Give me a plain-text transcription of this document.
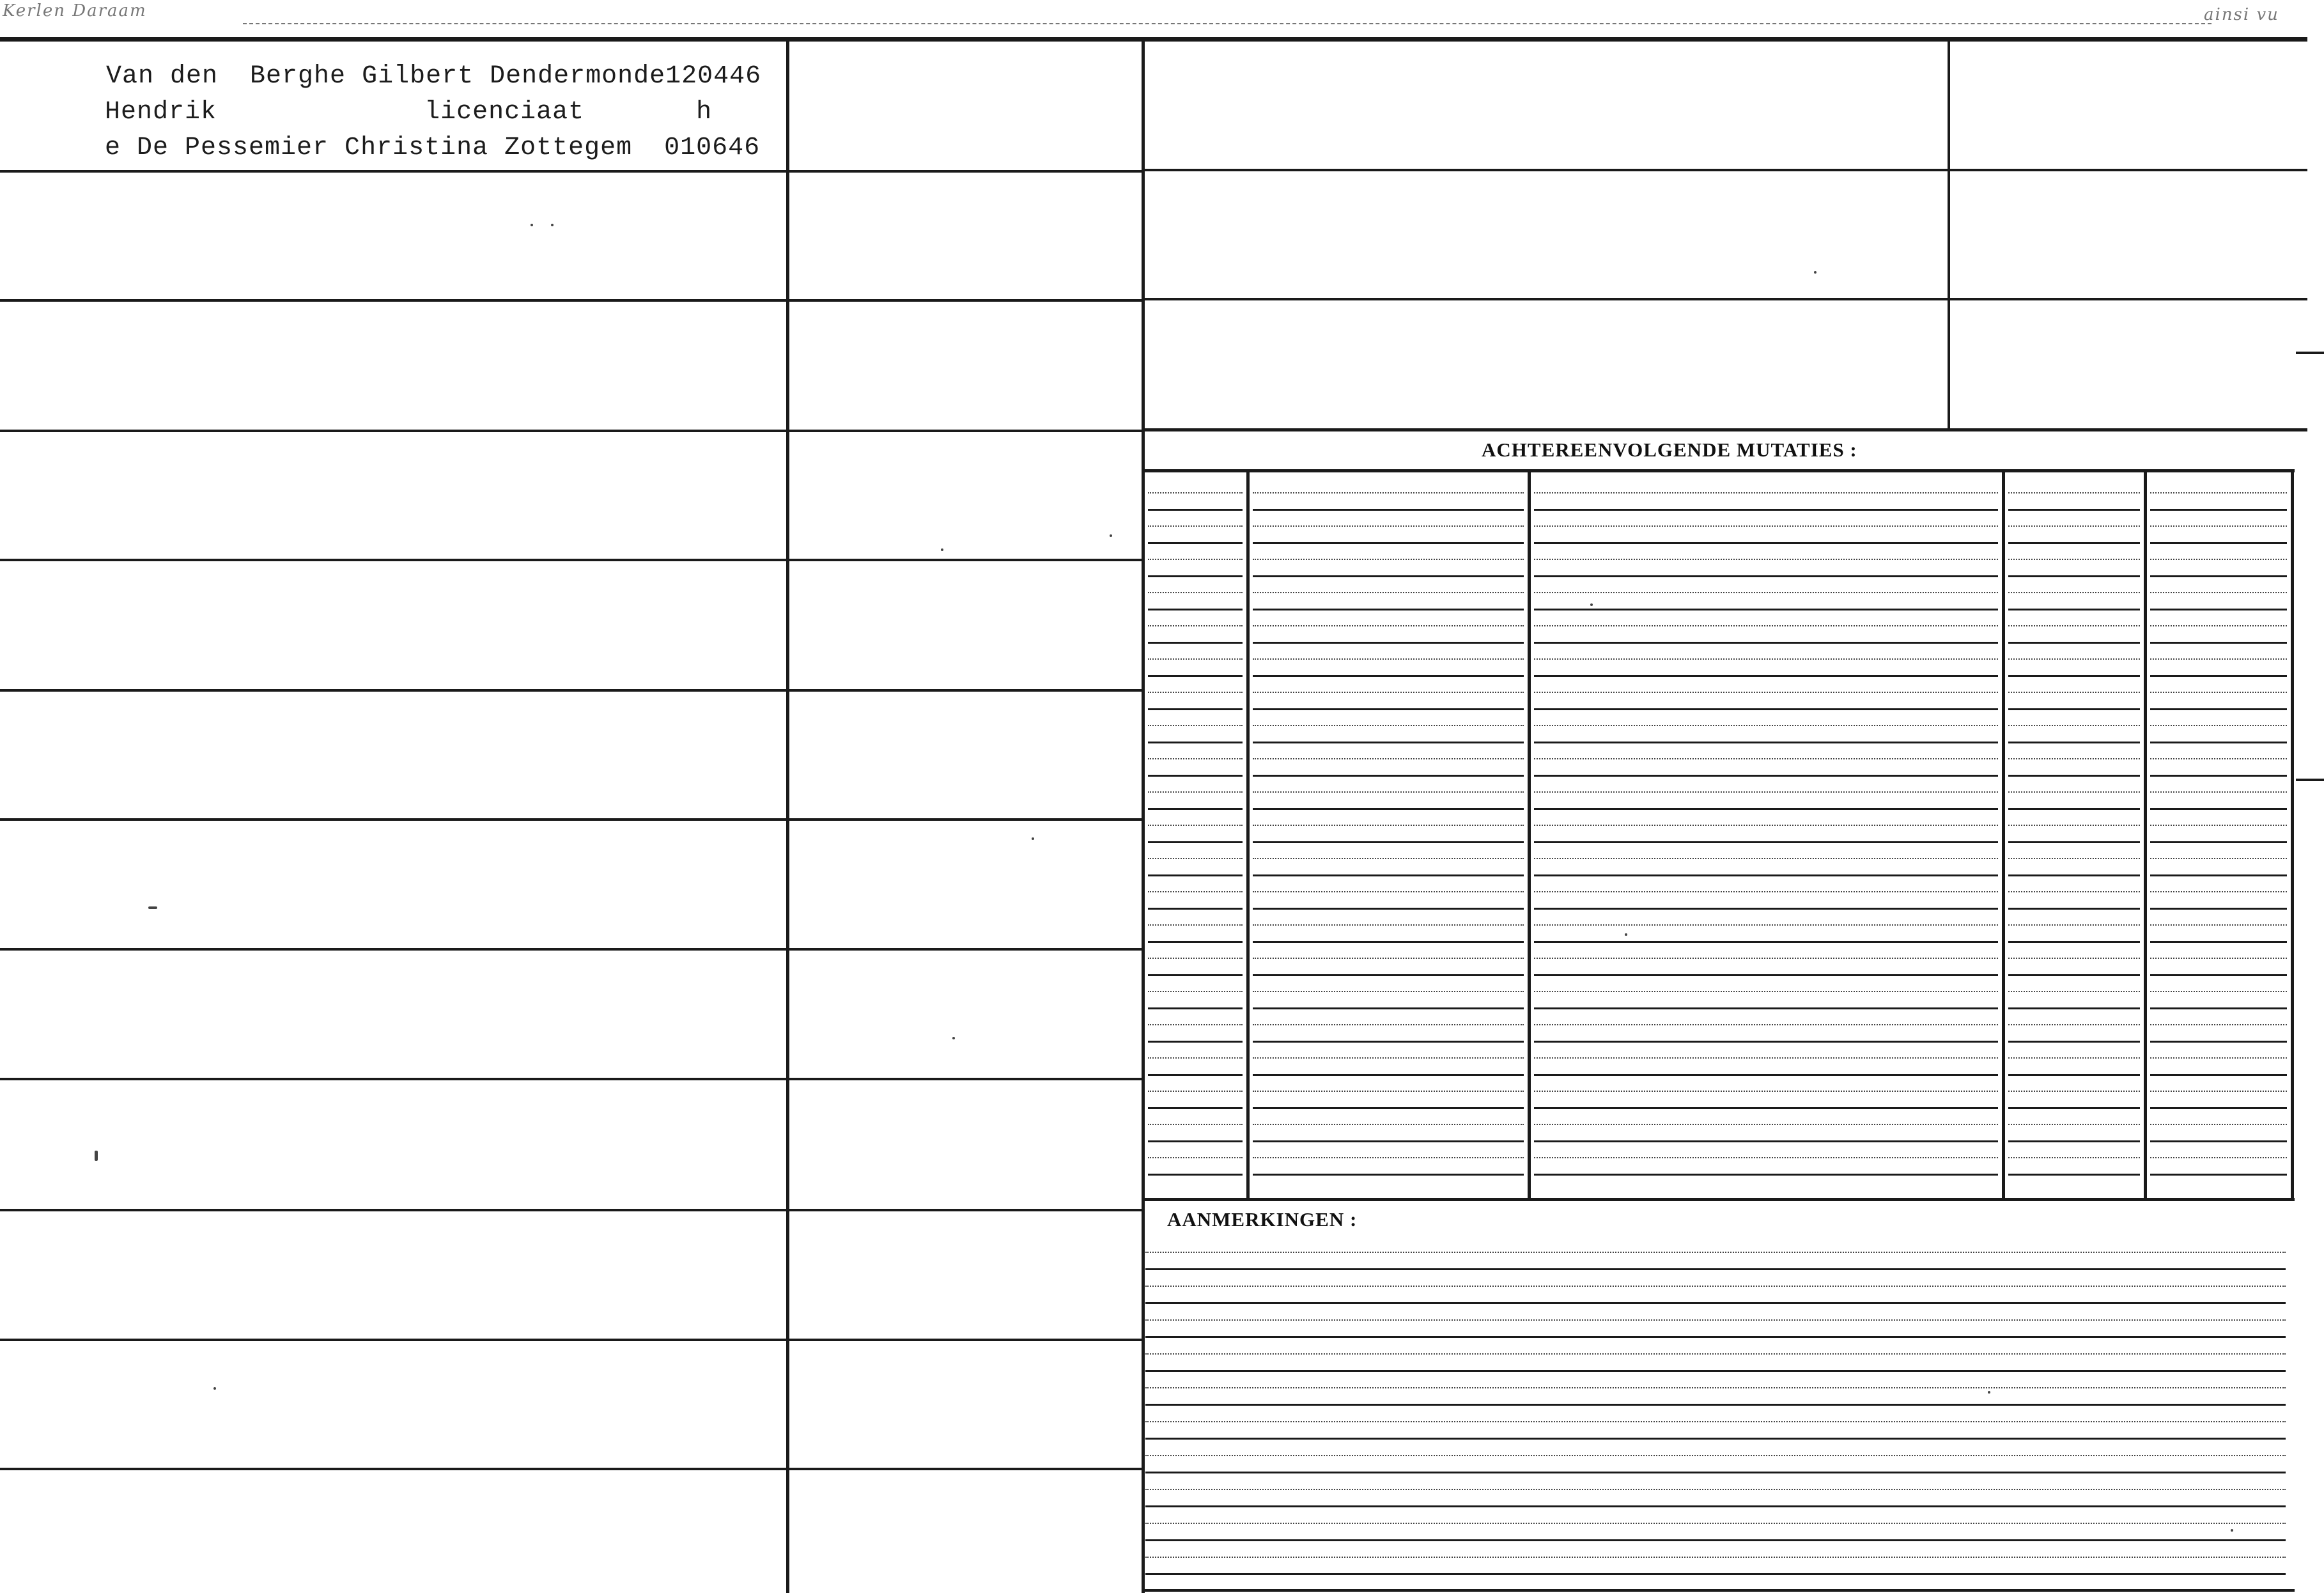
Kerlen Daraam	ainsi vu
Van den  Berghe Gilbert Dendermonde120446
Hendrik             licenciaat       h
e De Pessemier Christina Zottegem  010646
ACHTEREENVOLGENDE MUTATIES :
AANMERKINGEN :
